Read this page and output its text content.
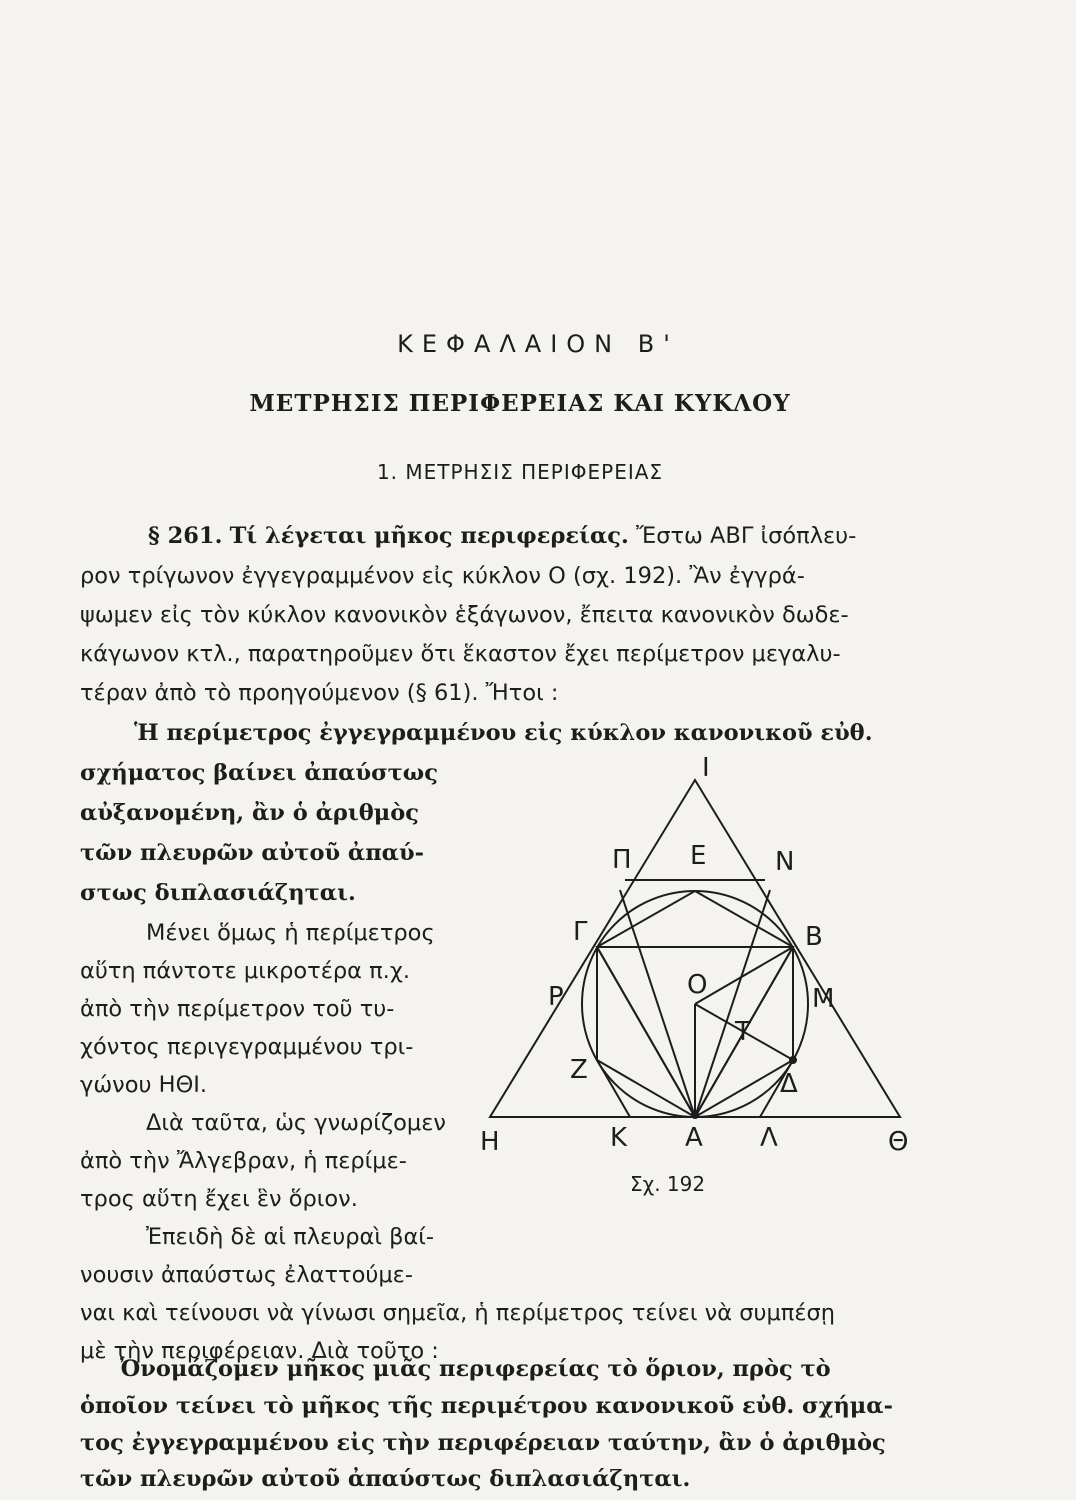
ΚΕΦΑΛΑΙΟΝ Β'
ΜΕΤΡΗΣΙΣ ΠΕΡΙΦΕΡΕΙΑΣ ΚΑΙ ΚΥΚΛΟΥ
1. ΜΕΤΡΗΣΙΣ ΠΕΡΙΦΕΡΕΙΑΣ
§ 261. Τί λέγεται μῆκος περιφερείας. Ἔστω ΑΒΓ ἰσόπλευ-
ρον τρίγωνον ἐγγεγραμμένον εἰς κύκλον Ο (σχ. 192). Ἂν ἐγγρά-
ψωμεν εἰς τὸν κύκλον κανονικὸν ἑξάγωνον, ἔπειτα κανονικὸν δωδε-
κάγωνον κτλ., παρατηροῦμεν ὅτι ἕκαστον ἔχει περίμετρον μεγαλυ-
τέραν ἀπὸ τὸ προηγούμενον (§ 61). Ἤτοι :
Ἡ περίμετρος ἐγγεγραμμένου εἰς κύκλον κανονικοῦ εὐθ.
σχήματος βαίνει ἀπαύστως
αὐξανομένη, ἂν ὁ ἀριθμὸς
τῶν πλευρῶν αὐτοῦ ἀπαύ-
στως διπλασιάζηται.
Μένει ὅμως ἡ περίμετρος
αὕτη πάντοτε μικροτέρα π.χ.
ἀπὸ τὴν περίμετρον τοῦ τυ-
χόντος περιγεγραμμένου τρι-
γώνου ΗΘΙ.
Διὰ ταῦτα, ὡς γνωρίζομεν
ἀπὸ τὴν Ἄλγεβραν, ἡ περίμε-
τρος αὕτη ἔχει ἓν ὅριον.
Ἐπειδὴ δὲ αἱ πλευραὶ βαί-
νουσιν ἀπαύστως ἐλαττούμε-
ναι καὶ τείνουσι νὰ γίνωσι σημεῖα, ἡ περίμετρος τείνει νὰ συμπέσῃ
μὲ τὴν περιφέρειαν. Διὰ τοῦτο :
Ὀνομάζομεν μῆκος μιᾶς περιφερείας τὸ ὅριον, πρὸς τὸ
ὁποῖον τείνει τὸ μῆκος τῆς περιμέτρου κανονικοῦ εὐθ. σχήμα-
τος ἐγγεγραμμένου εἰς τὴν περιφέρειαν ταύτην, ἂν ὁ ἀριθμὸς
Ι
Π Ε	Ν
Γ	Β
Ο
Τ
Μ
Ρ
Ζ	Δ
Η	Κ Α Λ	Θ
Σχ. 192
τῶν πλευρῶν αὐτοῦ ἀπαύστως διπλασιάζηται.
